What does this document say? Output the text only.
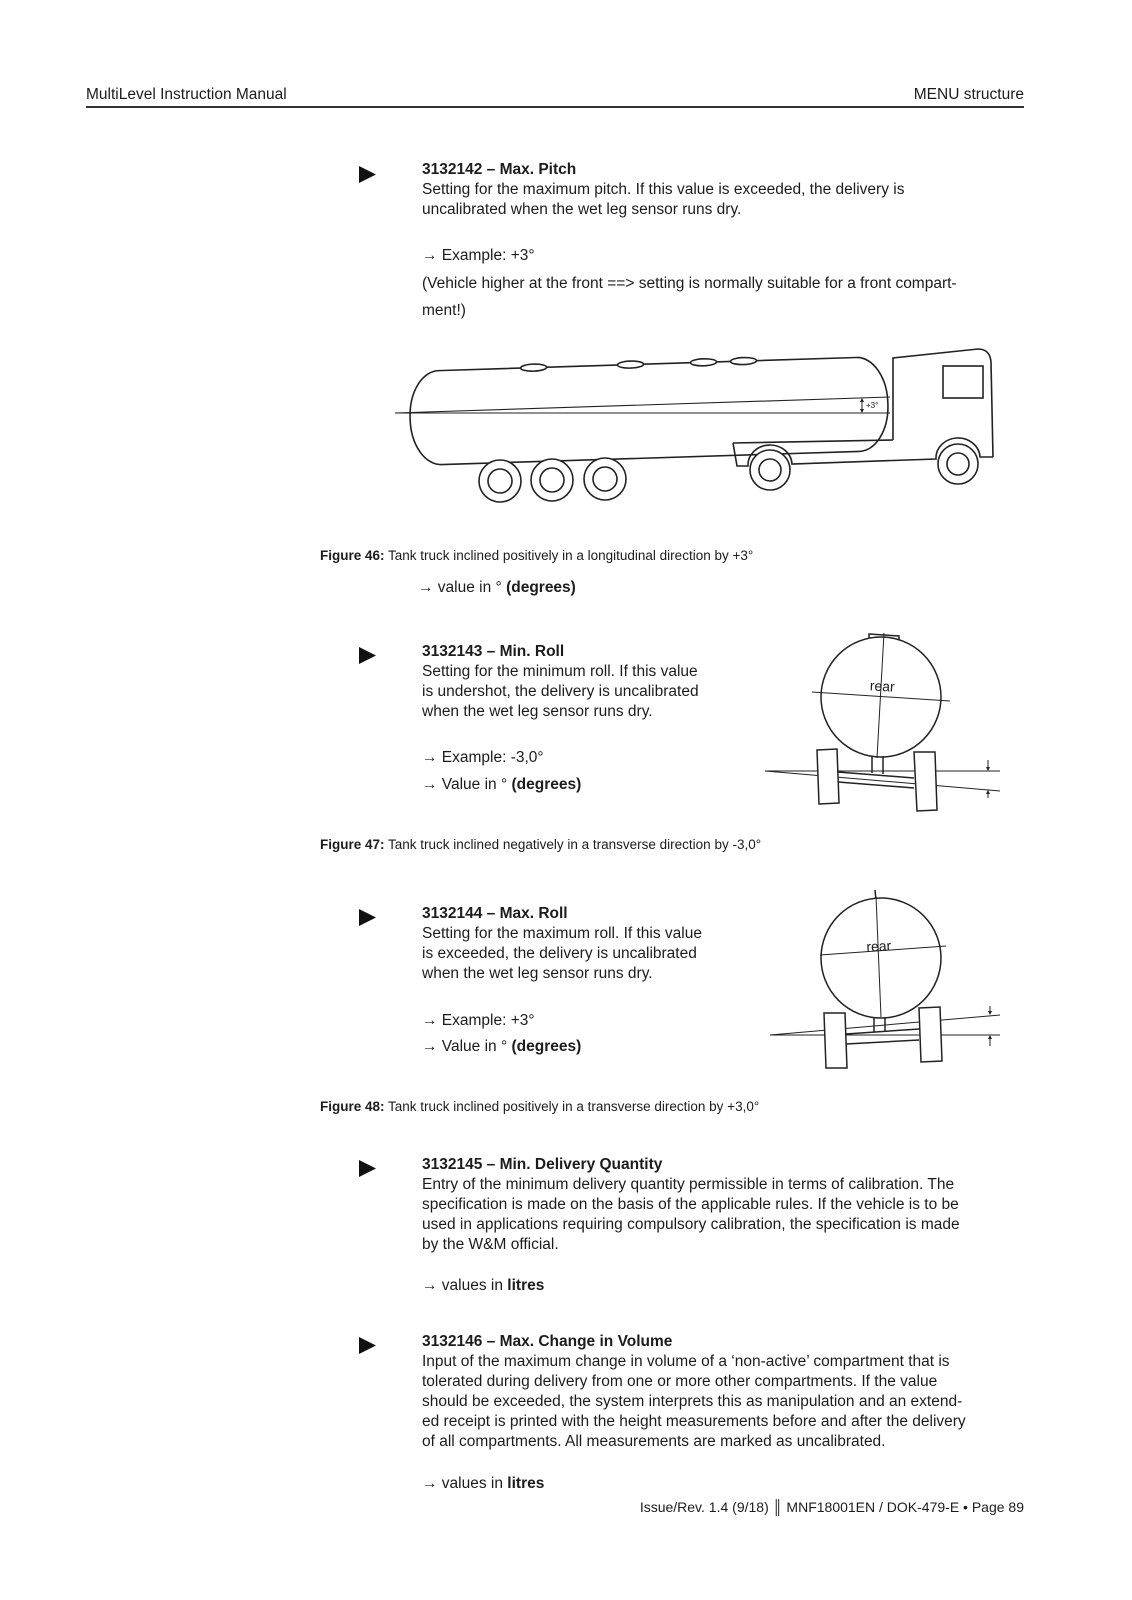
MultiLevel Instruction Manual	MENU structure
3132142 – Max. Pitch
Setting for the maximum pitch. If this value is exceeded, the delivery is
uncalibrated when the wet leg sensor runs dry.
→ Example: +3°
(Vehicle higher at the front ==> setting is normally suitable for a front compart-
ment!)
+3°
Figure 46: Tank truck inclined positively in a longitudinal direction by +3°
→ value in ° (degrees)
3132143 – Min. Roll
Setting for the minimum roll. If this value
is undershot, the delivery is uncalibrated
when the wet leg sensor runs dry.
→ Example: -3,0°
→ Value in ° (degrees)
rear
Figure 47: Tank truck inclined negatively in a transverse direction by -3,0°
3132144 – Max. Roll
Setting for the maximum roll. If this value
is exceeded, the delivery is uncalibrated
when the wet leg sensor runs dry.
→ Example: +3°
→ Value in ° (degrees)
rear
Figure 48: Tank truck inclined positively in a transverse direction by +3,0°
3132145 – Min. Delivery Quantity
Entry of the minimum delivery quantity permissible in terms of calibration. The
specification is made on the basis of the applicable rules. If the vehicle is to be
used in applications requiring compulsory calibration, the specification is made
by the W&M official.
→ values in litres
3132146 – Max. Change in Volume
Input of the maximum change in volume of a ‘non-active’ compartment that is
tolerated during delivery from one or more other compartments. If the value
should be exceeded, the system interprets this as manipulation and an extend-
ed receipt is printed with the height measurements before and after the delivery
of all compartments. All measurements are marked as uncalibrated.
→ values in litres
Issue/Rev. 1.4 (9/18) ║ MNF18001EN / DOK-479-E • Page 89
